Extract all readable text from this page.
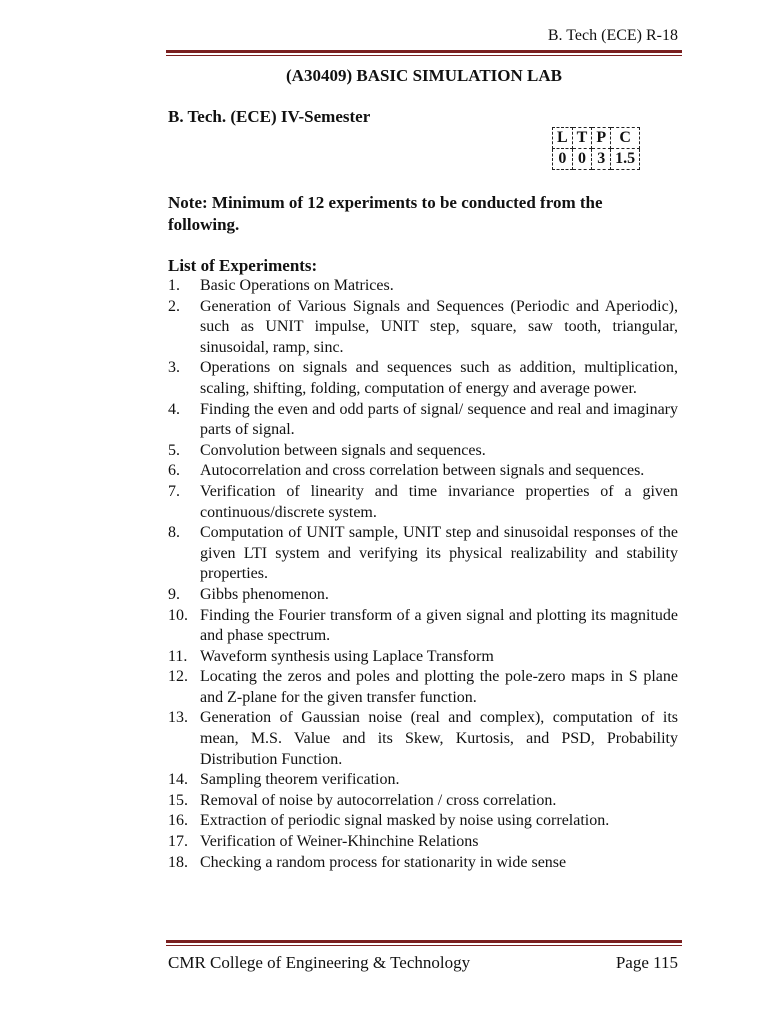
B. Tech (ECE) R-18
(A30409) BASIC SIMULATION LAB
B. Tech. (ECE) IV-Semester
L	T	P	C
0	0	3	1.5
Note: Minimum of 12 experiments to be conducted from the following.
List of Experiments:
1.	Basic Operations on Matrices.
2.	Generation of Various Signals and Sequences (Periodic and Aperiodic), such as UNIT impulse, UNIT step, square, saw tooth, triangular, sinusoidal, ramp, sinc.
3.	Operations on signals and sequences such as addition, multiplication, scaling, shifting, folding, computation of energy and average power.
4.	Finding the even and odd parts of signal/ sequence and real and imaginary parts of signal.
5.	Convolution between signals and sequences.
6.	Autocorrelation and cross correlation between signals and sequences.
7.	Verification of linearity and time invariance properties of a given continuous/discrete system.
8.	Computation of UNIT sample, UNIT step and sinusoidal responses of the given LTI system and verifying its physical realizability and stability properties.
9.	Gibbs phenomenon.
10. Finding the Fourier transform of a given signal and plotting its magnitude and phase spectrum.
11. Waveform synthesis using Laplace Transform
12. Locating the zeros and poles and plotting the pole-zero maps in S plane and Z-plane for the given transfer function.
13. Generation of Gaussian noise (real and complex), computation of its mean, M.S. Value and its Skew, Kurtosis, and PSD, Probability Distribution Function.
14. Sampling theorem verification.
15. Removal of noise by autocorrelation / cross correlation.
16. Extraction of periodic signal masked by noise using correlation.
17. Verification of Weiner-Khinchine Relations
18. Checking a random process for stationarity in wide sense
CMR College of Engineering & Technology	Page 115
